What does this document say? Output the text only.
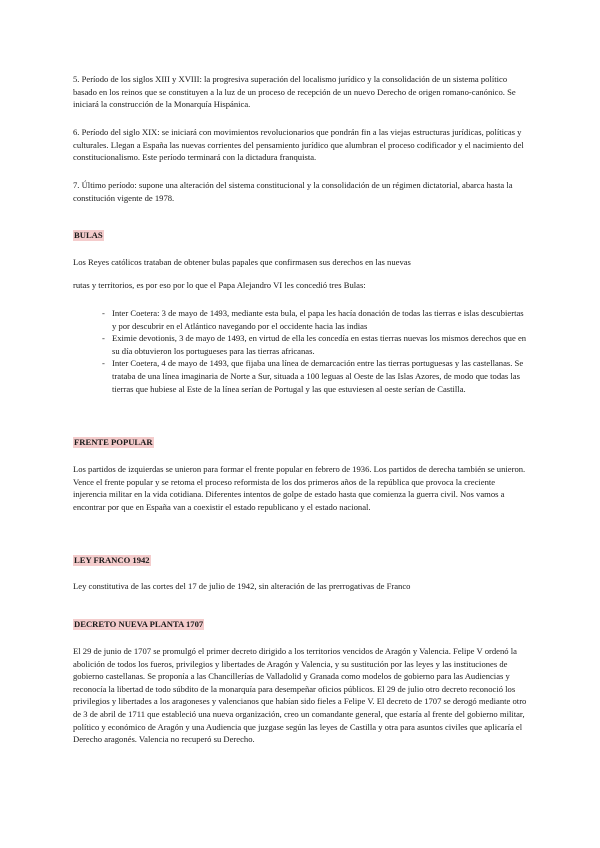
5. Período de los siglos XIII y XVIII: la progresiva superación del localismo jurídico y la consolidación de un sistema político basado en los reinos que se constituyen a la luz de un proceso de recepción de un nuevo Derecho de origen romano-canónico. Se iniciará la construcción de la Monarquía Hispánica.

6. Período del siglo XIX: se iniciará con movimientos revolucionarios que pondrán fin a las viejas estructuras jurídicas, políticas y culturales. Llegan a España las nuevas corrientes del pensamiento jurídico que alumbran el proceso codificador y el nacimiento del constitucionalismo. Este período terminará con la dictadura franquista.

7. Último período: supone una alteración del sistema constitucional y la consolidación de un régimen dictatorial, abarca hasta la constitución vigente de 1978.

BULAS

Los Reyes católicos trataban de obtener bulas papales que confirmasen sus derechos en las nuevas

rutas y territorios, es por eso por lo que el Papa Alejandro VI les concedió tres Bulas:

- Inter Coetera: 3 de mayo de 1493, mediante esta bula, el papa les hacía donación de todas las tierras e islas descubiertas y por descubrir en el Atlántico navegando por el occidente hacia las indias
- Eximie devotionis, 3 de mayo de 1493, en virtud de ella les concedía en estas tierras nuevas los mismos derechos que en su día obtuvieron los portugueses para las tierras africanas.
- Inter Coetera, 4 de mayo de 1493, que fijaba una línea de demarcación entre las tierras portuguesas y las castellanas. Se trataba de una línea imaginaria de Norte a Sur, situada a 100 leguas al Oeste de las Islas Azores, de modo que todas las tierras que hubiese al Este de la línea serían de Portugal y las que estuviesen al oeste serían de Castilla.

FRENTE POPULAR

Los partidos de izquierdas se unieron para formar el frente popular en febrero de 1936. Los partidos de derecha también se unieron. Vence el frente popular y se retoma el proceso reformista de los dos primeros años de la república que provoca la creciente injerencia militar en la vida cotidiana. Diferentes intentos de golpe de estado hasta que comienza la guerra civil. Nos vamos a encontrar por que en España van a coexistir el estado republicano y el estado nacional.

LEY FRANCO 1942

Ley constitutiva de las cortes del 17 de julio de 1942, sin alteración de las prerrogativas de Franco

DECRETO NUEVA PLANTA 1707

El 29 de junio de 1707 se promulgó el primer decreto dirigido a los territorios vencidos de Aragón y Valencia. Felipe V ordenó la abolición de todos los fueros, privilegios y libertades de Aragón y Valencia, y su sustitución por las leyes y las instituciones de gobierno castellanas. Se proponía a las Chancillerías de Valladolid y Granada como modelos de gobierno para las Audiencias y reconocía la libertad de todo súbdito de la monarquía para desempeñar oficios públicos. El 29 de julio otro decreto reconoció los privilegios y libertades a los aragoneses y valencianos que habían sido fieles a Felipe V. El decreto de 1707 se derogó mediante otro de 3 de abril de 1711 que estableció una nueva organización, creo un comandante general, que estaría al frente del gobierno militar, político y económico de Aragón y una Audiencia que juzgase según las leyes de Castilla y otra para asuntos civiles que aplicaría el Derecho aragonés. Valencia no recuperó su Derecho.
